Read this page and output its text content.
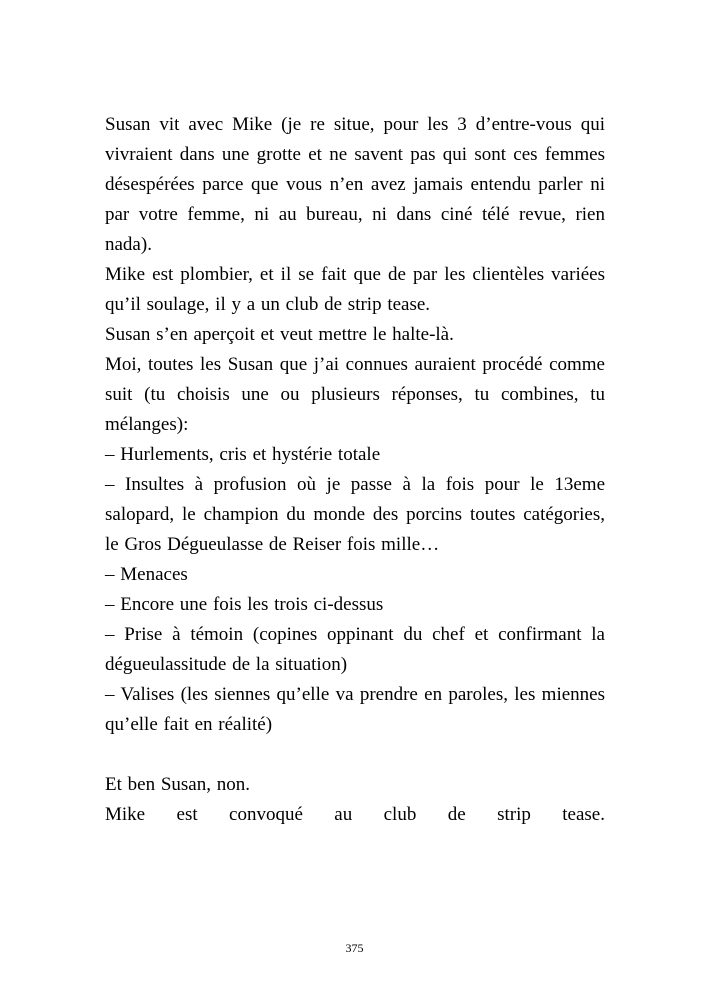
Susan vit avec Mike (je re situe, pour les 3 d’entre-vous qui vivraient dans une grotte et ne savent pas qui sont ces femmes désespérées parce que vous n’en avez jamais entendu parler ni par votre femme, ni au bureau, ni dans ciné télé revue, rien nada).

Mike est plombier, et il se fait que de par les clientèles variées qu’il soulage, il y a un club de strip tease.

Susan s’en aperçoit et veut mettre le halte-là.

Moi, toutes les Susan que j’ai connues auraient procédé comme suit (tu choisis une ou plusieurs réponses, tu combines, tu mélanges):

– Hurlements, cris et hystérie totale

– Insultes à profusion où je passe à la fois pour le 13eme salopard, le champion du monde des porcins toutes catégories, le Gros Dégueulasse de Reiser fois mille…

– Menaces

– Encore une fois les trois ci-dessus

– Prise à témoin (copines oppinant du chef et confirmant la dégueulassitude de la situation)

– Valises (les siennes qu’elle va prendre en paroles, les miennes qu’elle fait en réalité)

Et ben Susan, non.

Mike est convoqué au club de strip tease.

375
